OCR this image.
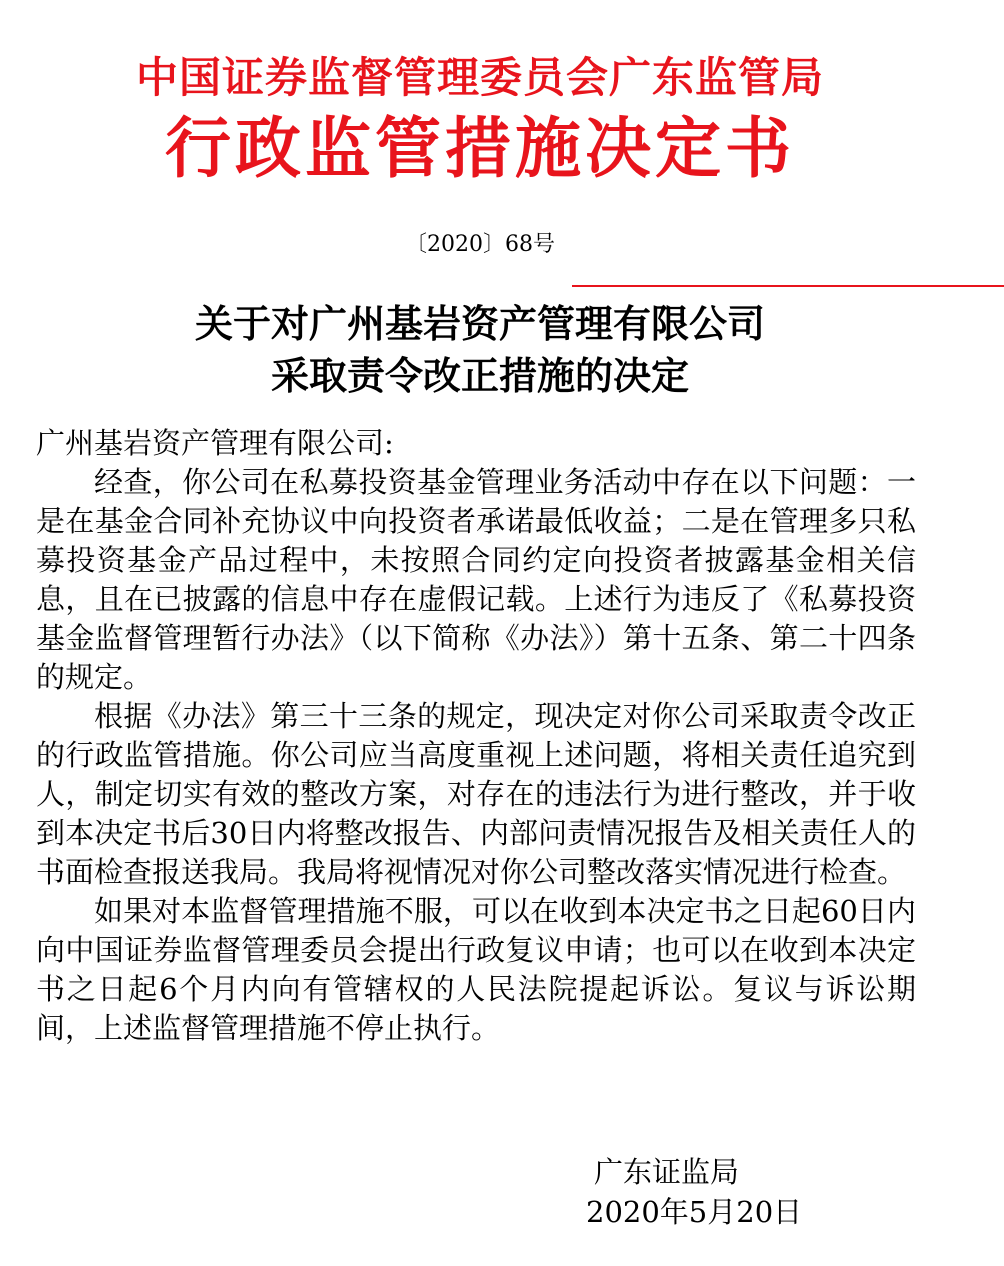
中国证券监督管理委员会广东监管局
行政监管措施决定书
〔2020〕68号
关于对广州基岩资产管理有限公司
采取责令改正措施的决定

广州基岩资产管理有限公司:

经查，你公司在私募投资基金管理业务活动中存在以下问题：一是在基金合同补充协议中向投资者承诺最低收益；二是在管理多只私募投资基金产品过程中，未按照合同约定向投资者披露基金相关信息，且在已披露的信息中存在虚假记载。上述行为违反了《私募投资基金监督管理暂行办法》（以下简称《办法》）第十五条、第二十四条的规定。

根据《办法》第三十三条的规定，现决定对你公司采取责令改正的行政监管措施。你公司应当高度重视上述问题，将相关责任追究到人，制定切实有效的整改方案，对存在的违法行为进行整改，并于收到本决定书后30日内将整改报告、内部问责情况报告及相关责任人的书面检查报送我局。我局将视情况对你公司整改落实情况进行检查。

如果对本监督管理措施不服，可以在收到本决定书之日起60日内向中国证券监督管理委员会提出行政复议申请；也可以在收到本决定书之日起6个月内向有管辖权的人民法院提起诉讼。复议与诉讼期间，上述监督管理措施不停止执行。

广东证监局
2020年5月20日
